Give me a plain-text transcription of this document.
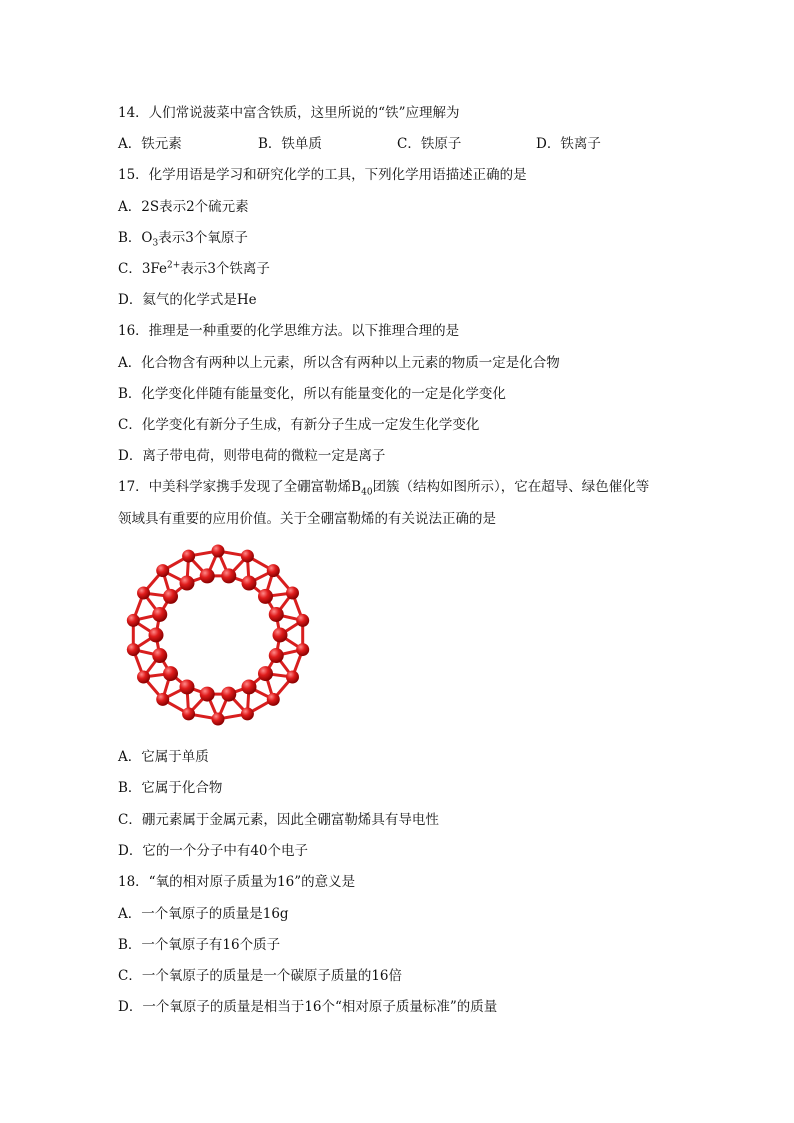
14．人们常说菠菜中富含铁质，这里所说的“铁”应理解为
A．铁元素	B．铁单质	C．铁原子	D．铁离子
15．化学用语是学习和研究化学的工具，下列化学用语描述正确的是
A．2S表示2个硫元素
B．$O_3$表示3个氧原子
C．$3Fe^{2+}$表示3个铁离子
D．氦气的化学式是He
16．推理是一种重要的化学思维方法。以下推理合理的是
A．化合物含有两种以上元素，所以含有两种以上元素的物质一定是化合物
B．化学变化伴随有能量变化，所以有能量变化的一定是化学变化
C．化学变化有新分子生成，有新分子生成一定发生化学变化
D．离子带电荷，则带电荷的微粒一定是离子
17．中美科学家携手发现了全硼富勒烯$B_{40}$团簇（结构如图所示），它在超导、绿色催化等
领域具有重要的应用价值。关于全硼富勒烯的有关说法正确的是
A．它属于单质
B．它属于化合物
C．硼元素属于金属元素，因此全硼富勒烯具有导电性
D．它的一个分子中有40个电子
18．“氧的相对原子质量为16”的意义是
A．一个氧原子的质量是16g
B．一个氧原子有16个质子
C．一个氧原子的质量是一个碳原子质量的16倍
D．一个氧原子的质量是相当于16个“相对原子质量标准”的质量
